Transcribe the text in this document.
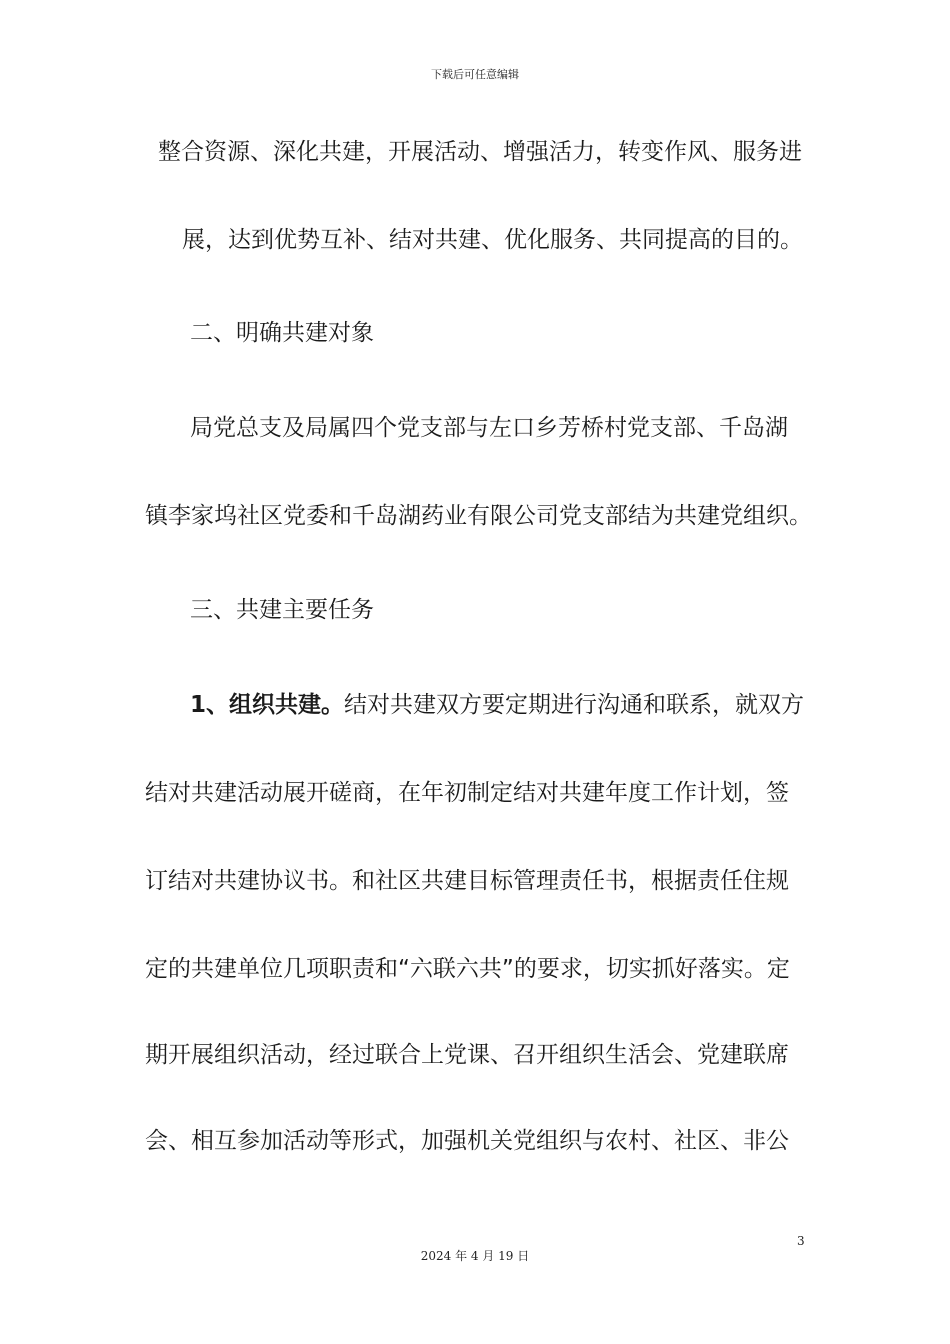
下载后可任意编辑
整合资源、深化共建，开展活动、增强活力，转变作风、服务进
展，达到优势互补、结对共建、优化服务、共同提高的目的。
二、明确共建对象
局党总支及局属四个党支部与左口乡芳桥村党支部、千岛湖
镇李家坞社区党委和千岛湖药业有限公司党支部结为共建党组织。
三、共建主要任务
1、组织共建。结对共建双方要定期进行沟通和联系，就双方
结对共建活动展开磋商，在年初制定结对共建年度工作计划，签
订结对共建协议书。和社区共建目标管理责任书，根据责任住规
定的共建单位几项职责和“六联六共”的要求，切实抓好落实。定
期开展组织活动，经过联合上党课、召开组织生活会、党建联席
会、相互参加活动等形式，加强机关党组织与农村、社区、非公
3
2024 年 4 月 19 日
